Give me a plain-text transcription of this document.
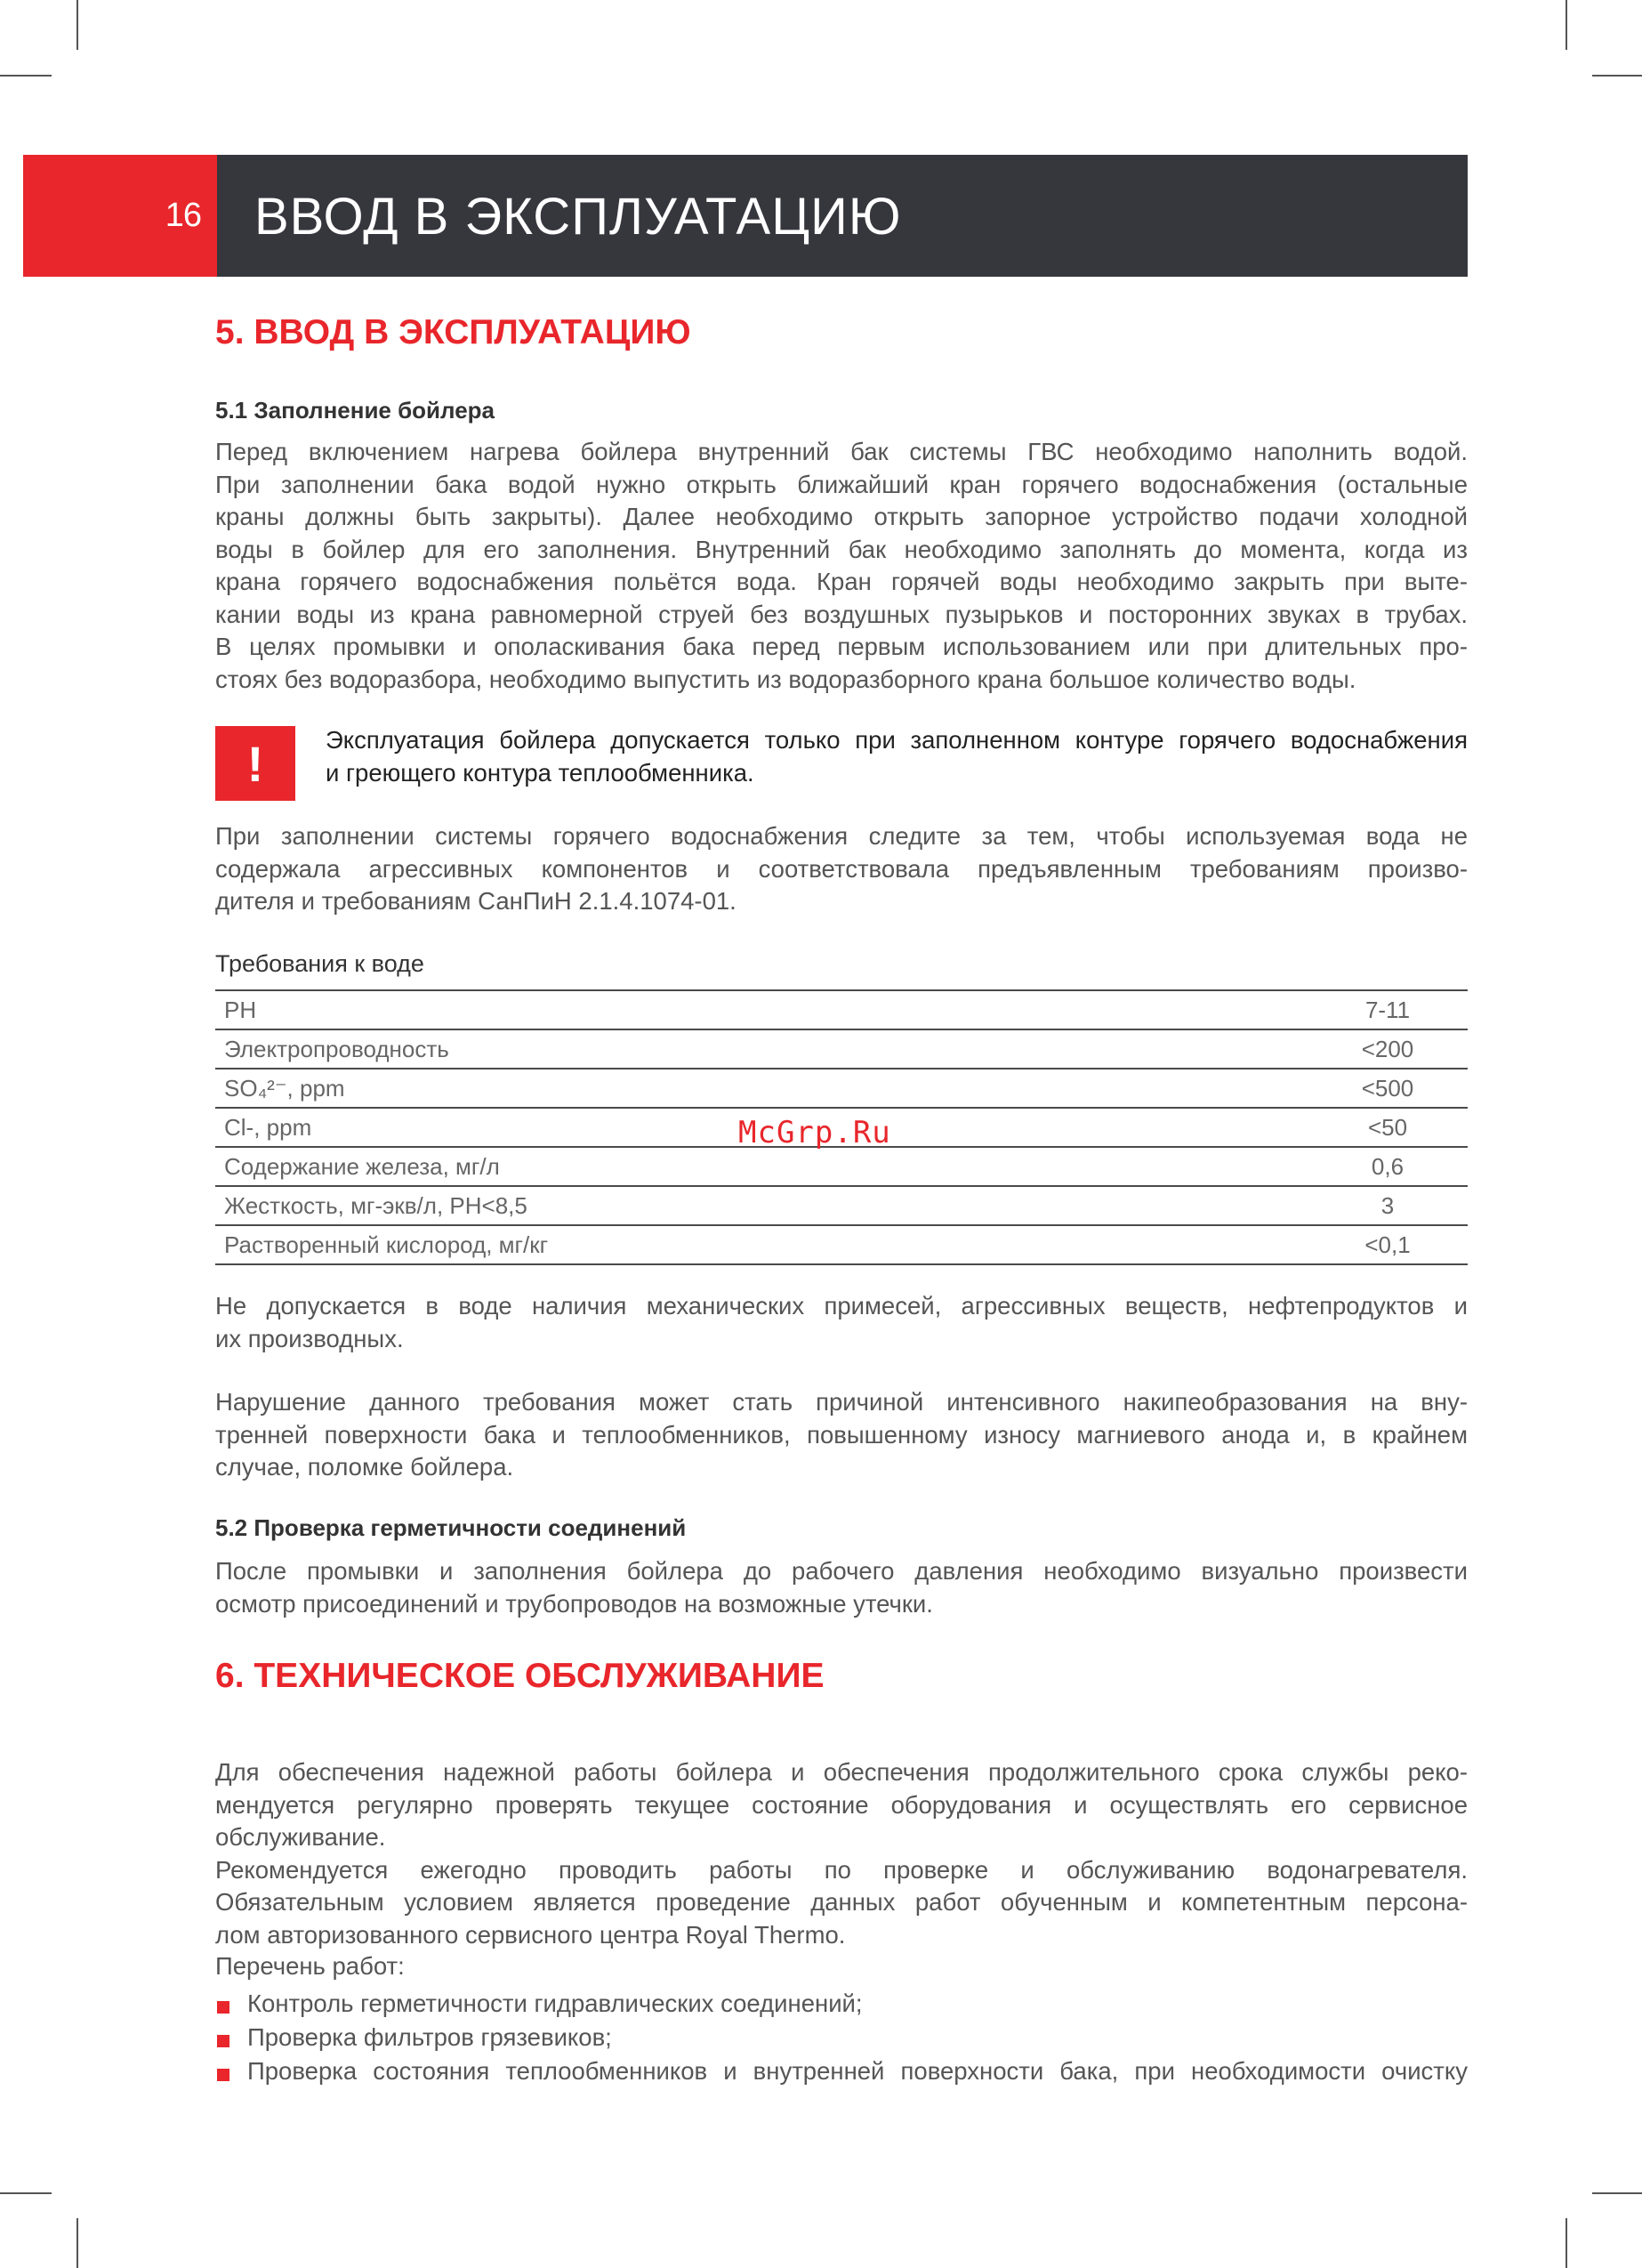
16 ВВОД В ЭКСПЛУАТАЦИЮ
5. ВВОД В ЭКСПЛУАТАЦИЮ
5.1 Заполнение бойлера
Перед включением нагрева бойлера внутренний бак системы ГВС необходимо наполнить водой.
При заполнении бака водой нужно открыть ближайший кран горячего водоснабжения (остальные
краны должны быть закрыты). Далее необходимо открыть запорное устройство подачи холодной
воды в бойлер для его заполнения. Внутренний бак необходимо заполнять до момента, когда из
крана горячего водоснабжения польётся вода. Кран горячей воды необходимо закрыть при выте-
кании воды из крана равномерной струей без воздушных пузырьков и посторонних звуках в трубах.
В целях промывки и ополаскивания бака перед первым использованием или при длительных про-
стоях без водоразбора, необходимо выпустить из водоразборного крана большое количество воды.
!	Эксплуатация бойлера допускается только при заполненном контуре горячего водоснабжения
и греющего контура теплообменника.
При заполнении системы горячего водоснабжения следите за тем, чтобы используемая вода не
содержала агрессивных компонентов и соответствовала предъявленным требованиям произво-
дителя и требованиям СанПиН 2.1.4.1074-01.
Требования к воде
PH	7-11
Электропроводность	<200
SO₄²⁻, ppm	<500
Cl-, ppm	<50
Содержание железа, мг/л	0,6
Жесткость, мг-экв/л, PH<8,5	3
Растворенный кислород, мг/кг	<0,1
McGrp.Ru
Не допускается в воде наличия механических примесей, агрессивных веществ, нефтепродуктов и
их производных.
Нарушение данного требования может стать причиной интенсивного накипеобразования на вну-
тренней поверхности бака и теплообменников, повышенному износу магниевого анода и, в крайнем
случае, поломке бойлера.
5.2 Проверка герметичности соединений
После промывки и заполнения бойлера до рабочего давления необходимо визуально произвести
осмотр присоединений и трубопроводов на возможные утечки.
6. ТЕХНИЧЕСКОЕ ОБСЛУЖИВАНИЕ
Для обеспечения надежной работы бойлера и обеспечения продолжительного срока службы реко-
мендуется регулярно проверять текущее состояние оборудования и осуществлять его сервисное
обслуживание.
Рекомендуется ежегодно проводить работы по проверке и обслуживанию водонагревателя.
Обязательным условием является проведение данных работ обученным и компетентным персона-
лом авторизованного сервисного центра Royal Thermo.
Перечень работ:
Контроль герметичности гидравлических соединений;
Проверка фильтров грязевиков;
Проверка состояния теплообменников и внутренней поверхности бака, при необходимости очистку
